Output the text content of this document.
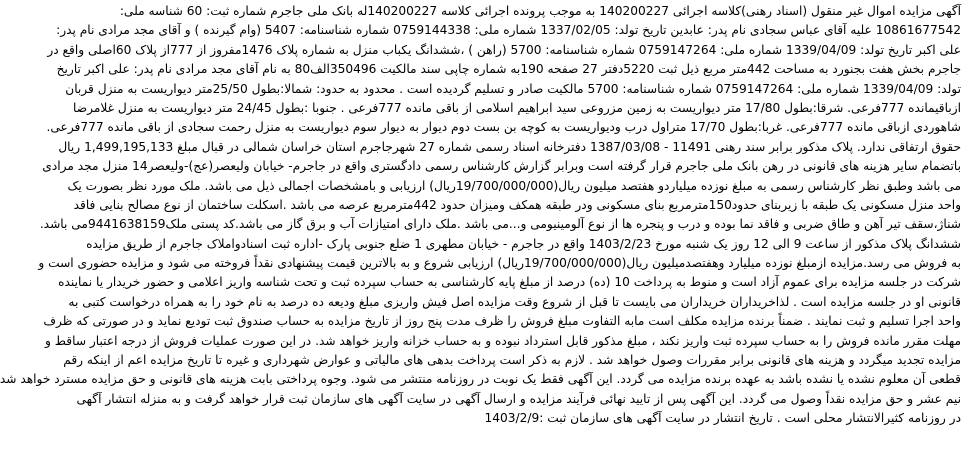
آگهی مزایده اموال غیر منقول (اسناد رهنی)کلاسه اجرائی 140200227 به موجب پرونده اجرائی کلاسه 140200227له بانک ملی جاجرم شماره ثبت: 60 شناسه ملی:
10861677542 علیه آقای عباس سجادی نام پدر: عابدین تاریخ تولد: 1337/02/05 شماره ملی: 0759144338 شماره شناسنامه: 5407 (وام گیرنده ) و آقای مجد مرادی نام پدر:
علی اکبر تاریخ تولد: 1339/04/09 شماره ملی: 0759147264 شماره شناسنامه: 5700 (راهن ) ،ششدانگ یکباب منزل به شماره پلاک 1476مفروز از 777از پلاک 60اصلی واقع در
جاجرم بخش هفت بجنورد به مساحت 442متر مربع ذیل ثبت 5220دفتر 27 صفحه 190به شماره چاپی سند مالکیت 350496الف80 به نام آقای مجد مرادی نام پدر: علی اکبر تاریخ
تولد: 1339/04/09 شماره ملی: 0759147264 شماره شناسنامه: 5700 مالکیت صادر و تسلیم گردیده است . محدود به حدود: شمالا:بطول 25/50متر دیواریست به منزل قربان
ازباقیمانده 777فرعی. شرقا:بطول 17/80 متر دیواریست به زمین مزروعی سید ابراهیم اسلامی از باقی مانده 777فرعی . جنوبا :بطول 24/45 متر دیواریست به منزل غلامرضا
شاهوردی ازباقی مانده 777فرعی. غربا:بطول 17/70 متراول درب ودیواریست به کوچه بن بست دوم دیوار به دیوار سوم دیواریست به منزل رحمت سجادی از باقی مانده 777فرعی.
حقوق ارتفاقی ندارد. پلاک مذکور برابر سند رهنی 11491 - 1387/03/08 دفترخانه اسناد رسمی شماره 27 شهرجاجرم استان خراسان شمالی در قبال مبلغ 1,499,195,133 ریال
باتضمام سایر هزینه های قانونی در رهن بانک ملی جاجرم قرار گرفته است وبرابر گزارش کارشناس رسمی دادگستری واقع در جاجرم- خیابان ولیعصر(عج)-ولیعصر14 منزل مجد مرادی
می باشد وطبق نظر کارشناس رسمی به مبلغ نوزده میلیاردو هفتصد میلیون ریال(19/700/000/000ریال) ارزیابی و بامشخصات اجمالی ذیل می باشد. ملک مورد نظر بصورت یک
واحد منزل مسکونی یک طبقه با زیربنای حدود150مترمربع بنای مسکونی ودر طبقه همکف ومیزان حدود 442مترمربع عرصه می باشد .اسکلت ساختمان از نوع مصالح بنایی فاقد
شناژ،سقف تیر آهن و طاق ضربی و فاقد نما بوده و درب و پنجره ها از نوع آلومینیومی و...می باشد .ملک دارای امتیازات آب و برق گاز می باشد.کد پستی ملک9441638159می باشد.
ششدانگ پلاک مذکور از ساعت 9 الی 12 روز یک شنبه مورخ 1403/2/23 واقع در جاجرم - خیابان مطهری 1 ضلع جنوبی پارک -اداره ثبت اسنادواملاک جاجرم از طریق مزایده
به فروش می رسد.مزایده ازمبلغ نوزده میلیارد وهفتصدمیلیون ریال(19/700/000/000ریال) ارزیابی شروع و به بالاترین قیمت پیشنهادی نقداً فروخته می شود و مزایده حضوری است و
شرکت در جلسه مزایده برای عموم آزاد است و منوط به پرداخت 10 (ده) درصد از مبلغ پایه کارشناسی به حساب سپرده ثبت و تحت شناسه واریز اعلامی و حضور خریدار یا نماینده
قانونی او در جلسه مزایده است . لذاخریداران خریداران می بایست تا قبل از شروع وقت مزایده اصل فیش واریزی مبلغ ودیعه ده درصد به نام خود را به همراه درخواست کتبی به
واحد اجرا تسلیم و ثبت نمایند . ضمناً برنده مزایده مکلف است مابه التفاوت مبلغ فروش را ظرف مدت پنج روز از تاریخ مزایده به حساب صندوق ثبت تودیع نماید و در صورتی که ظرف
مهلت مقرر مانده فروش را به حساب سپرده ثبت واریز نکند ، مبلغ مذکور قابل استرداد نبوده و به حساب خزانه واریز خواهد شد. در این صورت عملیات فروش از درجه اعتبار ساقط و
مزایده تجدید میگردد و هزینه های قانونی برابر مقررات وصول خواهد شد . لازم به ذکر است پرداخت بدهی های مالیاتی و عوارض شهرداری و غیره تا تاریخ مزایده اعم از اینکه رقم
قطعی آن معلوم نشده یا نشده باشد به عهده برنده مزایده می گردد. این آگهی فقط یک نوبت در روزنامه منتشر می شود. وجوه پرداختی بابت هزینه های قانونی و حق مزایده مسترد خواهد شد
نیم عشر و حق مزایده نقداً وصول می گردد. این آگهی پس از تایید نهائی فرآیند مزایده و ارسال آگهی در سایت آگهی های سازمان ثبت قرار خواهد گرفت و به منزله انتشار آگهی
در روزنامه کثیرالانتشار محلی است . تاریخ انتشار در سایت آگهی های سازمان ثبت :1403/2/9
